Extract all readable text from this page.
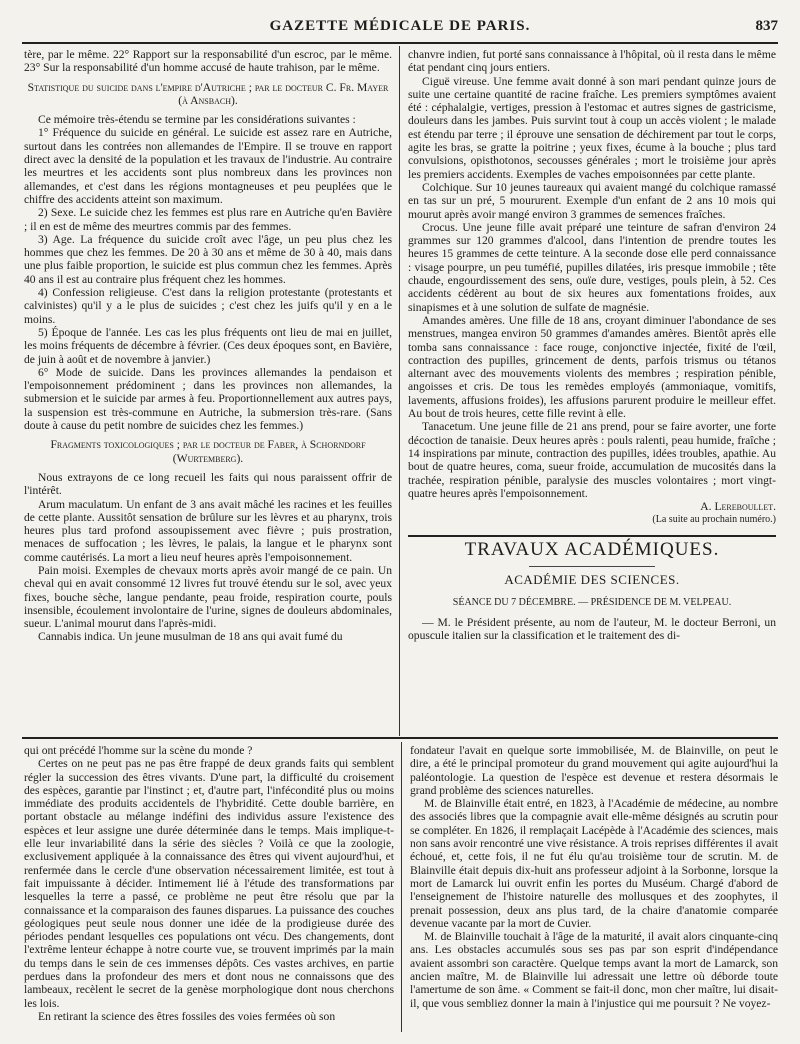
GAZETTE MÉDICALE DE PARIS.	837

tère, par le même. 22° Rapport sur la responsabilité d'un escroc, par le même. 23° Sur la responsabilité d'un homme accusé de haute trahison, par le même.

Statistique du suicide dans l'empire d'Autriche ; par le docteur C. Fr. Mayer (à Ansbach).

Ce mémoire très-étendu se termine par les considérations suivantes :

1° Fréquence du suicide en général. Le suicide est assez rare en Autriche, surtout dans les contrées non allemandes de l'Empire. Il se trouve en rapport direct avec la densité de la population et les travaux de l'industrie. Au contraire les meurtres et les accidents sont plus nombreux dans les provinces non allemandes, et c'est dans les régions montagneuses et peu peuplées que le chiffre des accidents atteint son maximum.

2) Sexe. Le suicide chez les femmes est plus rare en Autriche qu'en Bavière ; il en est de même des meurtres commis par des femmes.

3) Age. La fréquence du suicide croît avec l'âge, un peu plus chez les hommes que chez les femmes. De 20 à 30 ans et même de 30 à 40, mais dans une plus faible proportion, le suicide est plus commun chez les femmes. Après 40 ans il est au contraire plus fréquent chez les hommes.

4) Confession religieuse. C'est dans la religion protestante (protestants et calvinistes) qu'il y a le plus de suicides ; c'est chez les juifs qu'il y en a le moins.

5) Époque de l'année. Les cas les plus fréquents ont lieu de mai en juillet, les moins fréquents de décembre à février. (Ces deux époques sont, en Bavière, de juin à août et de novembre à janvier.)

6° Mode de suicide. Dans les provinces allemandes la pendaison et l'empoisonnement prédominent ; dans les provinces non allemandes, la submersion et le suicide par armes à feu. Proportionnellement aux autres pays, la suspension est très-commune en Autriche, la submersion très-rare. (Sans doute à cause du petit nombre de suicides chez les femmes.)

Fragments toxicologiques ; par le docteur de Faber, à Schorndorf (Wurtemberg).

Nous extrayons de ce long recueil les faits qui nous paraissent offrir de l'intérêt.

Arum maculatum. Un enfant de 3 ans avait mâché les racines et les feuilles de cette plante. Aussitôt sensation de brûlure sur les lèvres et au pharynx, trois heures plus tard profond assoupissement avec fièvre ; puis prostration, menaces de suffocation ; les lèvres, le palais, la langue et le pharynx sont comme cautérisés. La mort a lieu neuf heures après l'empoisonnement.

Pain moisi. Exemples de chevaux morts après avoir mangé de ce pain. Un cheval qui en avait consommé 12 livres fut trouvé étendu sur le sol, avec yeux fixes, bouche sèche, langue pendante, peau froide, respiration courte, pouls insensible, écoulement involontaire de l'urine, signes de douleurs abdominales, sueur. L'animal mourut dans l'après-midi.

Cannabis indica. Un jeune musulman de 18 ans qui avait fumé du

chanvre indien, fut porté sans connaissance à l'hôpital, où il resta dans le même état pendant cinq jours entiers.

Ciguë vireuse. Une femme avait donné à son mari pendant quinze jours de suite une certaine quantité de racine fraîche. Les premiers symptômes avaient été : céphalalgie, vertiges, pression à l'estomac et autres signes de gastricisme, douleurs dans les jambes. Puis survint tout à coup un accès violent ; le malade est étendu par terre ; il éprouve une sensation de déchirement par tout le corps, agite les bras, se gratte la poitrine ; yeux fixes, écume à la bouche ; plus tard convulsions, opisthotonos, secousses générales ; mort le troisième jour après les premiers accidents. Exemples de vaches empoisonnées par cette plante.

Colchique. Sur 10 jeunes taureaux qui avaient mangé du colchique ramassé en tas sur un pré, 5 moururent. Exemple d'un enfant de 2 ans 10 mois qui mourut après avoir mangé environ 3 grammes de semences fraîches.

Crocus. Une jeune fille avait préparé une teinture de safran d'environ 24 grammes sur 120 grammes d'alcool, dans l'intention de prendre toutes les heures 15 grammes de cette teinture. A la seconde dose elle perd connaissance : visage pourpre, un peu tuméfié, pupilles dilatées, iris presque immobile ; tête chaude, engourdissement des sens, ouïe dure, vestiges, pouls plein, à 52. Ces accidents cédèrent au bout de six heures aux fomentations froides, aux sinapismes et à une solution de sulfate de magnésie.

Amandes amères. Une fille de 18 ans, croyant diminuer l'abondance de ses menstrues, mangea environ 50 grammes d'amandes amères. Bientôt après elle tomba sans connaissance : face rouge, conjonctive injectée, fixité de l'œil, contraction des pupilles, grincement de dents, parfois trismus ou tétanos alternant avec des mouvements violents des membres ; respiration pénible, angoisses et cris. De tous les remèdes employés (ammoniaque, vomitifs, lavements, affusions froides), les affusions parurent produire le meilleur effet. Au bout de trois heures, cette fille revint à elle.

Tanacetum. Une jeune fille de 21 ans prend, pour se faire avorter, une forte décoction de tanaisie. Deux heures après : pouls ralenti, peau humide, fraîche ; 14 inspirations par minute, contraction des pupilles, idées troubles, apathie. Au bout de quatre heures, coma, sueur froide, accumulation de mucosités dans la trachée, respiration pénible, paralysie des muscles volontaires ; mort vingt-quatre heures après l'empoisonnement.

A. Lereboullet.

(La suite au prochain numéro.)

TRAVAUX ACADÉMIQUES.
ACADÉMIE DES SCIENCES.

SÉANCE DU 7 DÉCEMBRE. — PRÉSIDENCE DE M. VELPEAU.

— M. le Président présente, au nom de l'auteur, M. le docteur Berroni, un opuscule italien sur la classification et le traitement des di-

qui ont précédé l'homme sur la scène du monde ?

Certes on ne peut pas ne pas être frappé de deux grands faits qui semblent régler la succession des êtres vivants. D'une part, la difficulté du croisement des espèces, garantie par l'instinct ; et, d'autre part, l'infécondité plus ou moins immédiate des produits accidentels de l'hybridité. Cette double barrière, en portant obstacle au mélange indéfini des individus assure l'existence des espèces et leur assigne une durée déterminée dans le temps. Mais implique-t-elle leur invariabilité dans la série des siècles ? Voilà ce que la zoologie, exclusivement appliquée à la connaissance des êtres qui vivent aujourd'hui, et renfermée dans le cercle d'une observation nécessairement limitée, est tout à fait impuissante à décider. Intimement lié à l'étude des transformations par lesquelles la terre a passé, ce problème ne peut être résolu que par la connaissance et la comparaison des faunes disparues. La puissance des couches géologiques peut seule nous donner une idée de la prodigieuse durée des périodes pendant lesquelles ces populations ont vécu. Des changements, dont l'extrême lenteur échappe à notre courte vue, se trouvent imprimés par la main du temps dans le sein de ces immenses dépôts. Ces vastes archives, en partie perdues dans la profondeur des mers et dont nous ne connaissons que des lambeaux, recèlent le secret de la genèse morphologique dont nous cherchons les lois.

En retirant la science des êtres fossiles des voies fermées où son

fondateur l'avait en quelque sorte immobilisée, M. de Blainville, on peut le dire, a été le principal promoteur du grand mouvement qui agite aujourd'hui la paléontologie. La question de l'espèce est devenue et restera désormais le grand problème des sciences naturelles.

M. de Blainville était entré, en 1823, à l'Académie de médecine, au nombre des associés libres que la compagnie avait elle-même désignés au scrutin pour se compléter. En 1826, il remplaçait Lacépède à l'Académie des sciences, mais non sans avoir rencontré une vive résistance. A trois reprises différentes il avait échoué, et, cette fois, il ne fut élu qu'au troisième tour de scrutin. M. de Blainville était depuis dix-huit ans professeur adjoint à la Sorbonne, lorsque la mort de Lamarck lui ouvrit enfin les portes du Muséum. Chargé d'abord de l'enseignement de l'histoire naturelle des mollusques et des zoophytes, il prenait possession, deux ans plus tard, de la chaire d'anatomie comparée devenue vacante par la mort de Cuvier.

M. de Blainville touchait à l'âge de la maturité, il avait alors cinquante-cinq ans. Les obstacles accumulés sous ses pas par son esprit d'indépendance avaient assombri son caractère. Quelque temps avant la mort de Lamarck, son ancien maître, M. de Blainville lui adressait une lettre où déborde toute l'amertume de son âme. « Comment se fait-il donc, mon cher maître, lui disait-il, que vous sembliez donner la main à l'injustice qui me poursuit ? Ne voyez-
